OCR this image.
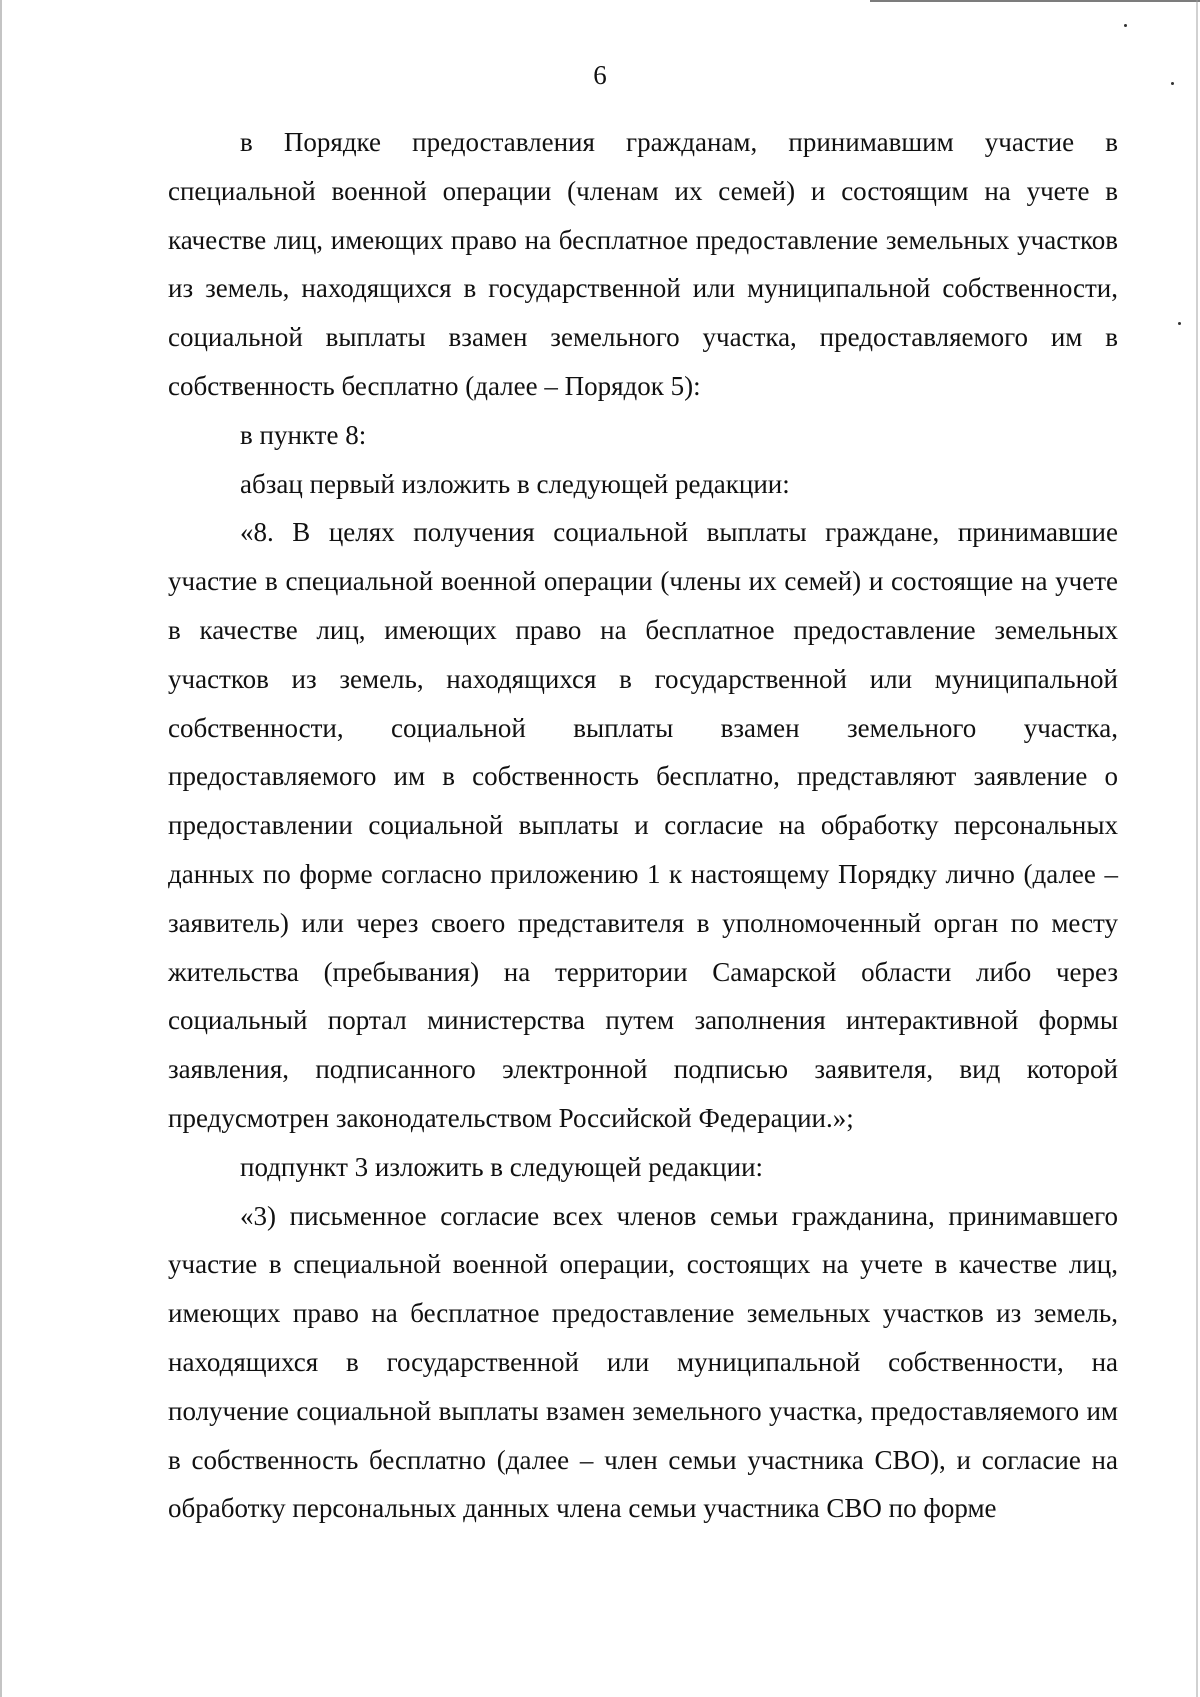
6

в Порядке предоставления гражданам, принимавшим участие в специальной военной операции (членам их семей) и состоящим на учете в качестве лиц, имеющих право на бесплатное предоставление земельных участков из земель, находящихся в государственной или муниципальной собственности, социальной выплаты взамен земельного участка, предоставляемого им в собственность бесплатно (далее – Порядок 5):

в пункте 8:

абзац первый изложить в следующей редакции:

«8. В целях получения социальной выплаты граждане, принимавшие участие в специальной военной операции (члены их семей) и состоящие на учете в качестве лиц, имеющих право на бесплатное предоставление земельных участков из земель, находящихся в государственной или муниципальной собственности, социальной выплаты взамен земельного участка, предоставляемого им в собственность бесплатно, представляют заявление о предоставлении социальной выплаты и согласие на обработку персональных данных по форме согласно приложению 1 к настоящему Порядку лично (далее – заявитель) или через своего представителя в уполномоченный орган по месту жительства (пребывания) на территории Самарской области либо через социальный портал министерства путем заполнения интерактивной формы заявления, подписанного электронной подписью заявителя, вид которой предусмотрен законодательством Российской Федерации.»;

подпункт 3 изложить в следующей редакции:

«3) письменное согласие всех членов семьи гражданина, принимавшего участие в специальной военной операции, состоящих на учете в качестве лиц, имеющих право на бесплатное предоставление земельных участков из земель, находящихся в государственной или муниципальной собственности, на получение социальной выплаты взамен земельного участка, предоставляемого им в собственность бесплатно (далее – член семьи участника СВО), и согласие на обработку персональных данных члена семьи участника СВО по форме
